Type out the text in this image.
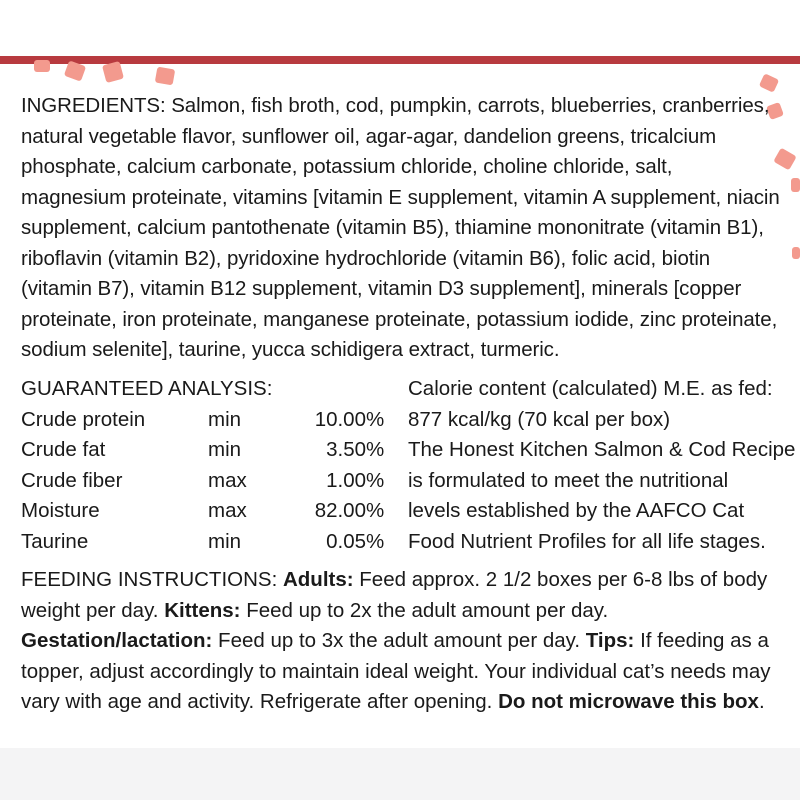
INGREDIENTS: Salmon, fish broth, cod, pumpkin, carrots, blueberries, cranberries, natural vegetable flavor, sunflower oil, agar-agar, dandelion greens, tricalcium phosphate, calcium carbonate, potassium chloride, choline chloride, salt, magnesium proteinate, vitamins [vitamin E supplement, vitamin A supplement, niacin supplement, calcium pantothenate (vitamin B5), thiamine mononitrate (vitamin B1), riboflavin (vitamin B2), pyridoxine hydrochloride (vitamin B6), folic acid, biotin (vitamin B7), vitamin B12 supplement, vitamin D3 supplement], minerals [copper proteinate, iron proteinate, manganese proteinate, potassium iodide, zinc proteinate, sodium selenite], taurine, yucca schidigera extract, turmeric.

GUARANTEED ANALYSIS:
Crude protein	min	10.00 %
Crude fat	min	3.50 %
Crude fiber	max	1.00 %
Moisture	max	82.00 %
Taurine	min	0.05 %
Calorie content (calculated) M.E. as fed:
877 kcal/kg (70 kcal per box)
The Honest Kitchen Salmon & Cod Recipe
is formulated to meet the nutritional
levels established by the AAFCO Cat
Food Nutrient Profiles for all life stages.

FEEDING INSTRUCTIONS: Adults: Feed approx. 2 1/2 boxes per 6-8 lbs of body weight per day. Kittens: Feed up to 2x the adult amount per day. Gestation/lactation: Feed up to 3x the adult amount per day. Tips: If feeding as a topper, adjust accordingly to maintain ideal weight. Your individual cat’s needs may vary with age and activity. Refrigerate after opening. Do not microwave this box.
